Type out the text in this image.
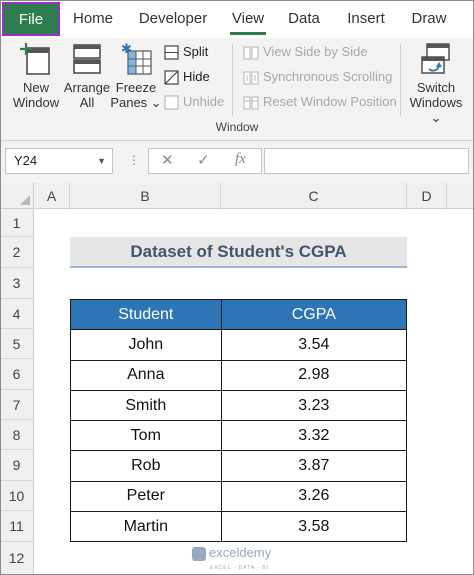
File	Home	Developer	View	Data	Insert	Draw
New
Window
Arrange
All
✱
Freeze
Panes ⌄
Split
Hide
Unhide
View Side by Side
Synchronous Scrolling
Reset Window Position
Switch
Windows ⌄
Window
Y24	▼ ⋮ ✕ ✓ fx
A	B	C	D
1
2
3
4
5
6
7
8
9
10
11
12
Dataset of Student's CGPA
Student	CGPA
John	3.54
Anna	2.98
Smith	3.23
Tom	3.32
Rob	3.87
Peter	3.26
Martin	3.58
exceldemy
EXCEL · DATA · BI
